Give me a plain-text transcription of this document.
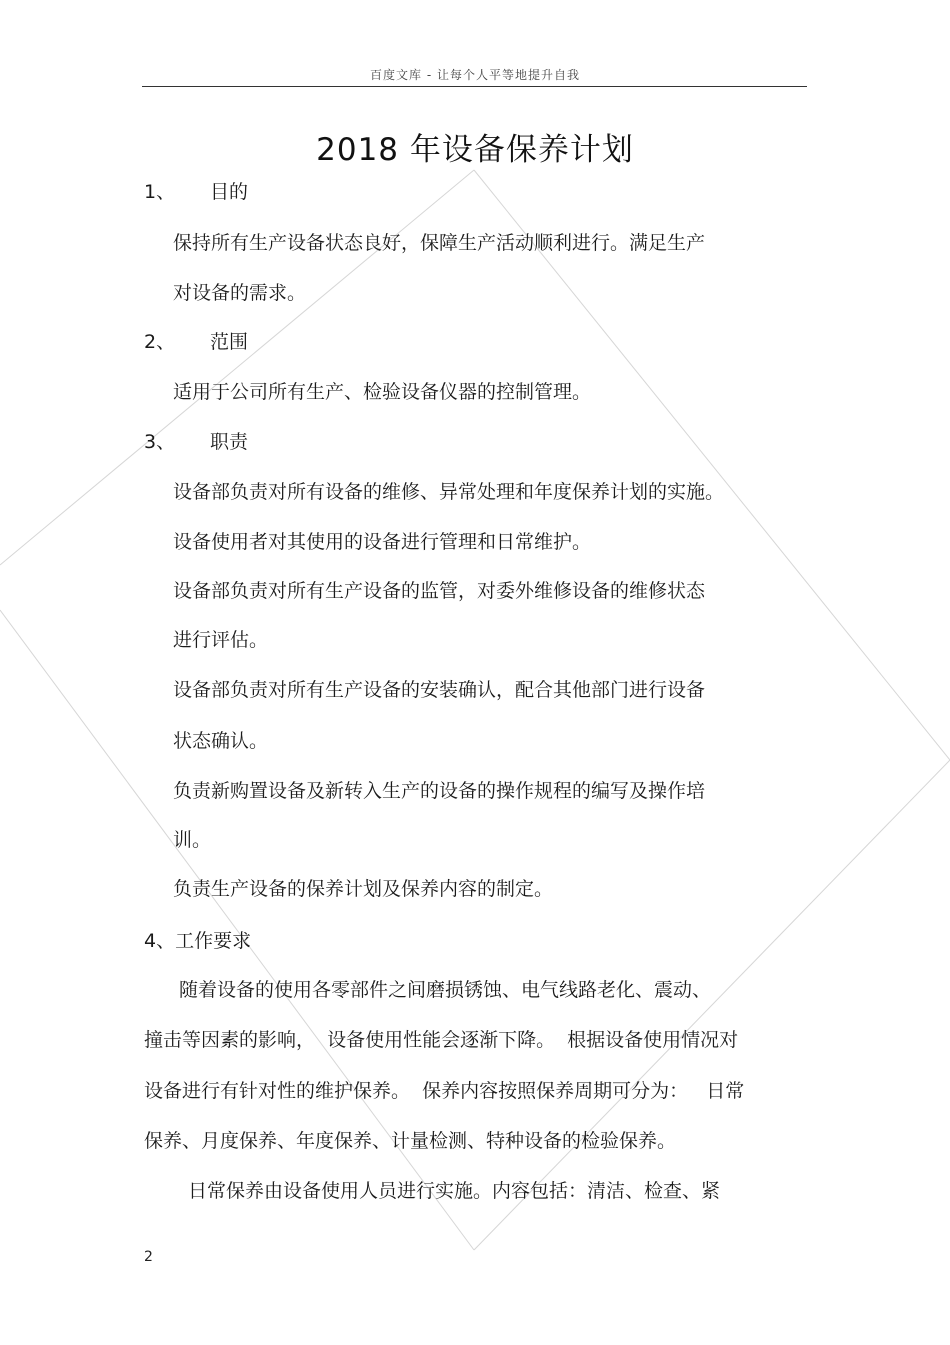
百度文库 - 让每个人平等地提升自我
2018 年设备保养计划
1、 目的
保持所有生产设备状态良好，保障生产活动顺利进行。满足生产
对设备的需求。
2、 范围
适用于公司所有生产、检验设备仪器的控制管理。
3、 职责
设备部负责对所有设备的维修、异常处理和年度保养计划的实施。
设备使用者对其使用的设备进行管理和日常维护。
设备部负责对所有生产设备的监管，对委外维修设备的维修状态
进行评估。
设备部负责对所有生产设备的安装确认，配合其他部门进行设备
状态确认。
负责新购置设备及新转入生产的设备的操作规程的编写及操作培
训。
负责生产设备的保养计划及保养内容的制定。
4、工作要求
随着设备的使用各零部件之间磨损锈蚀、电气线路老化、震动、
撞击等因素的影响，  设备使用性能会逐渐下降。  根据设备使用情况对
设备进行有针对性的维护保养。  保养内容按照保养周期可分为：   日常
保养、月度保养、年度保养、计量检测、特种设备的检验保养。
日常保养由设备使用人员进行实施。内容包括：清洁、检查、紧
2
